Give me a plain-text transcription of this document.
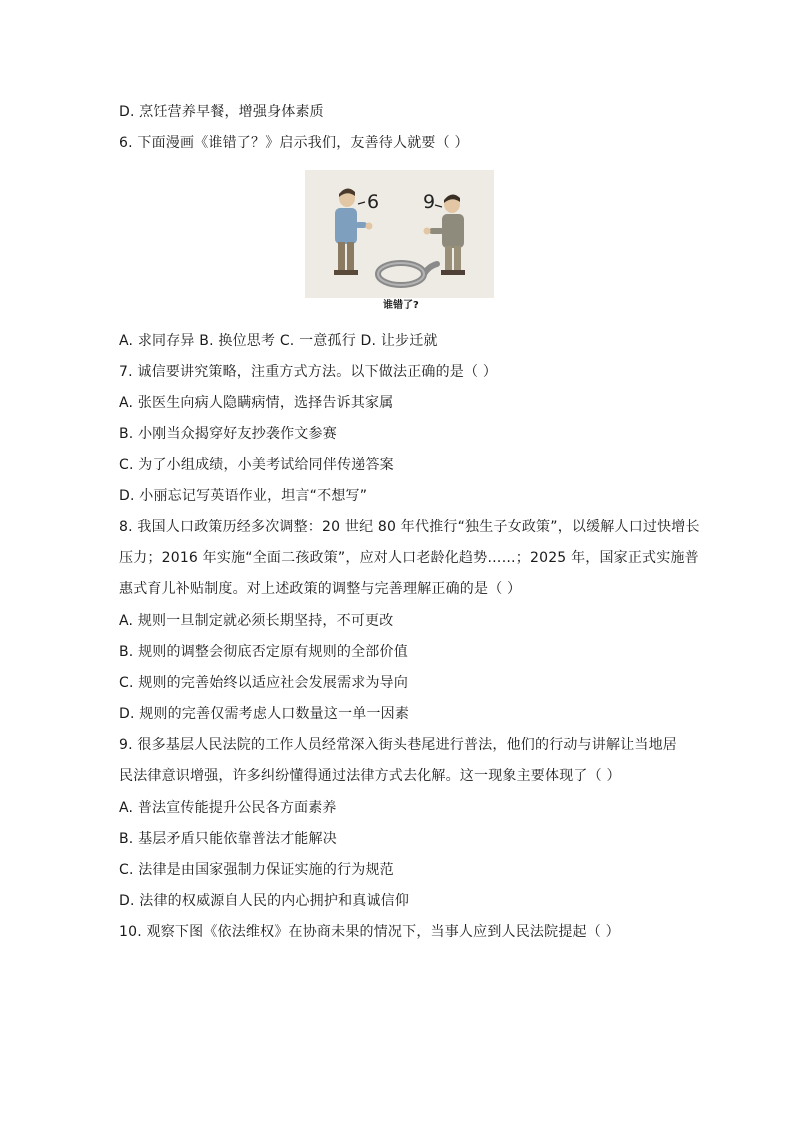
D. 烹饪营养早餐，增强身体素质
6. 下面漫画《谁错了？》启示我们，友善待人就要（ ）
6 9
谁错了?
A. 求同存异 B. 换位思考 C. 一意孤行 D. 让步迁就
7. 诚信要讲究策略，注重方式方法。以下做法正确的是（ ）
A. 张医生向病人隐瞒病情，选择告诉其家属
B. 小刚当众揭穿好友抄袭作文参赛
C. 为了小组成绩，小美考试给同伴传递答案
D. 小丽忘记写英语作业，坦言“不想写”
8. 我国人口政策历经多次调整：20 世纪 80 年代推行“独生子女政策”，以缓解人口过快增长
压力；2016 年实施“全面二孩政策”，应对人口老龄化趋势……；2025 年，国家正式实施普
惠式育儿补贴制度。对上述政策的调整与完善理解正确的是（ ）
A. 规则一旦制定就必须长期坚持，不可更改
B. 规则的调整会彻底否定原有规则的全部价值
C. 规则的完善始终以适应社会发展需求为导向
D. 规则的完善仅需考虑人口数量这一单一因素
9. 很多基层人民法院的工作人员经常深入街头巷尾进行普法，他们的行动与讲解让当地居
民法律意识增强，许多纠纷懂得通过法律方式去化解。这一现象主要体现了（ ）
A. 普法宣传能提升公民各方面素养
B. 基层矛盾只能依靠普法才能解决
C. 法律是由国家强制力保证实施的行为规范
D. 法律的权威源自人民的内心拥护和真诚信仰
10. 观察下图《依法维权》在协商未果的情况下，当事人应到人民法院提起（ ）
